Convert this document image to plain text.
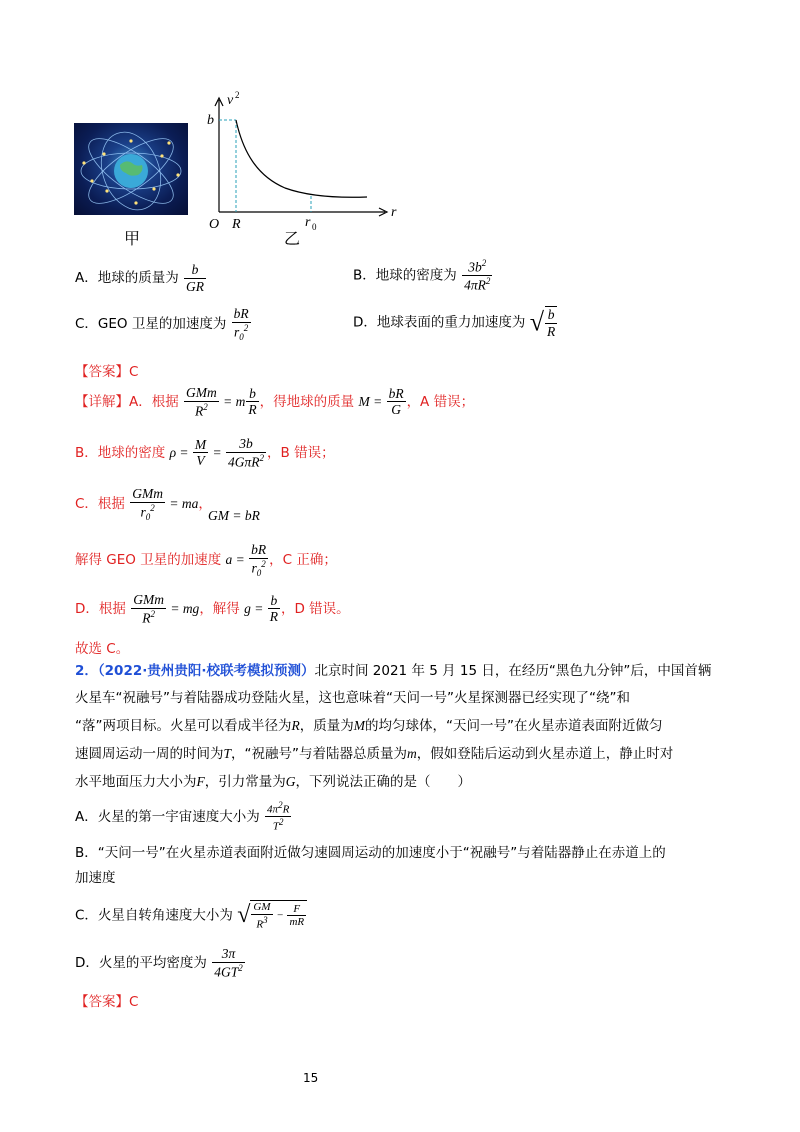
甲
v 2
b
O R	r 0
r
乙
A．地球的质量为 $\frac{b}{GR}$	B．地球的密度为 $\frac{3b^2}{4\pi R^2}$
C．GEO 卫星的加速度为 $\frac{bR}{r_0^2}$	D．地球表面的重力加速度为 √ $\frac{b}{R}$
【答案】C
【详解】A．根据 $\frac{\text{GMm}}{R^2} = m \frac{b}{R}$ ，得地球的质量 $M = \frac{bR}{G}$ ，A 错误；
B．地球的密度 $\rho = \frac{M}{V} = \frac{3b}{4G\pi R^2}$ ，B 错误；
C．根据 $\frac{\text{GMm}}{r_0^2}$ = ma，
GM = bR
解得 GEO 卫星的加速度 $a = \frac{bR}{r_0^2}$ ，C 正确；
D．根据 $\frac{\text{GMm}}{R^2}$ = mg，解得 $g = \frac{b}{R}$ ，D 错误。
故选 C。
2．（2022·贵州贵阳·校联考模拟预测）北京时间 2021 年 5 月 15 日，在经历“黑色九分钟”后，中国首辆
火星车“祝融号”与着陆器成功登陆火星，这也意味着“天问一号”火星探测器已经实现了“绕”和
“落”两项目标。火星可以看成半径为R，质量为M的均匀球体，“天问一号”在火星赤道表面附近做匀
速圆周运动一周的时间为T，“祝融号”与着陆器总质量为m，假如登陆后运动到火星赤道上，静止时对
水平地面压力大小为F，引力常量为G，下列说法正确的是（　　）
A．火星的第一宇宙速度大小为 $\frac{4\pi^2R}{T^2}$
B．“天问一号”在火星赤道表面附近做匀速圆周运动的加速度小于“祝融号”与着陆器静止在赤道上的
加速度
C．火星自转角速度大小为 √ $\frac{GM}{R^3} - \frac{F}{mR}$
D．火星的平均密度为 $\frac{3\pi}{4GT^2}$
【答案】C
15
